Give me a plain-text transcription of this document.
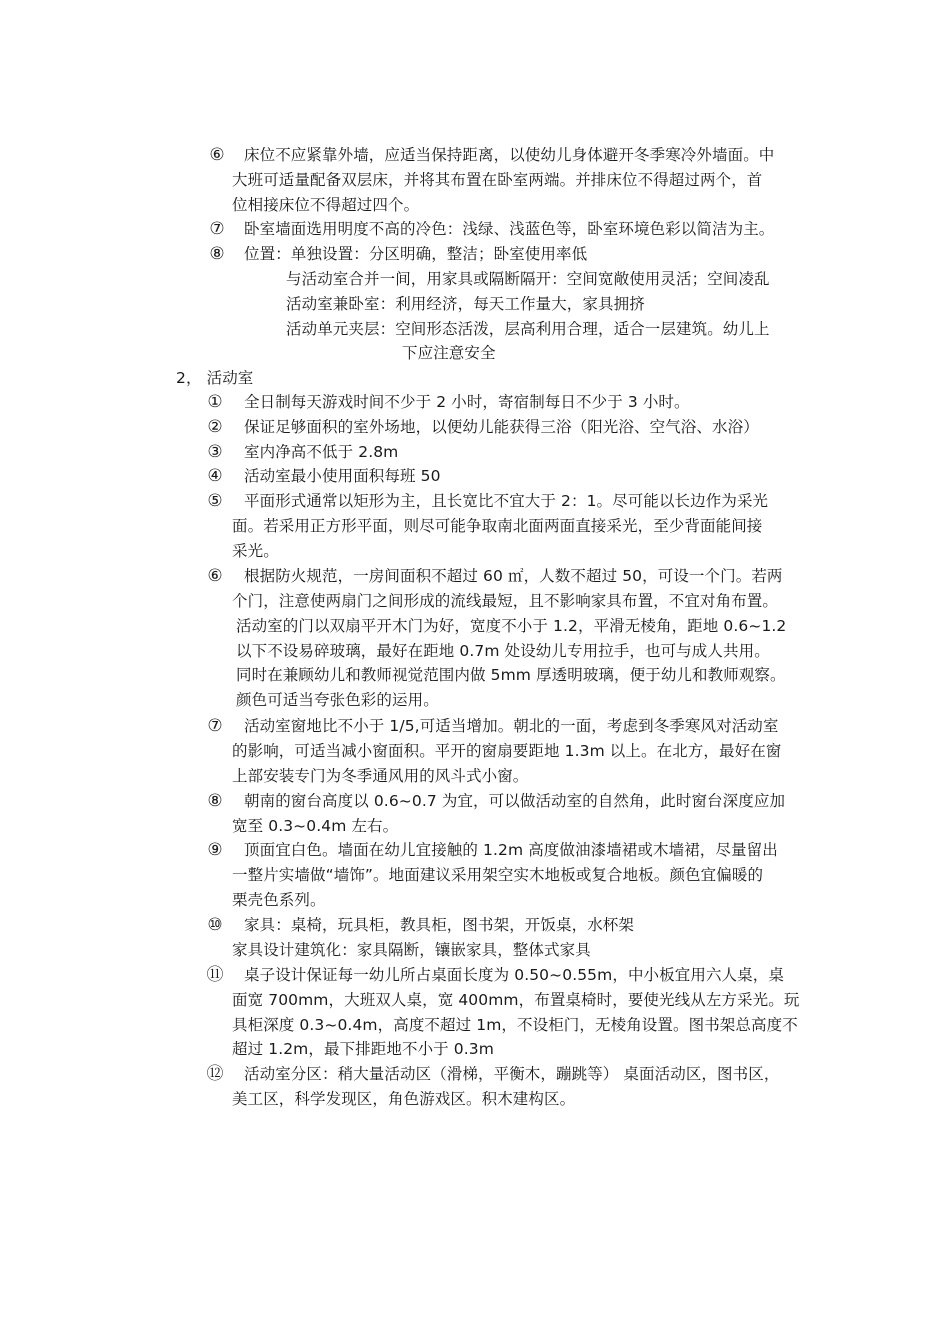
⑥ 床位不应紧靠外墙，应适当保持距离，以使幼儿身体避开冬季寒冷外墙面。中
大班可适量配备双层床，并将其布置在卧室两端。并排床位不得超过两个，首
位相接床位不得超过四个。
⑦ 卧室墙面选用明度不高的冷色：浅绿、浅蓝色等，卧室环境色彩以简洁为主。
⑧ 位置：单独设置：分区明确，整洁；卧室使用率低
与活动室合并一间，用家具或隔断隔开：空间宽敞使用灵活；空间凌乱
活动室兼卧室：利用经济，每天工作量大，家具拥挤
活动单元夹层：空间形态活泼，层高利用合理，适合一层建筑。幼儿上
下应注意安全
2， 活动室
① 全日制每天游戏时间不少于 2 小时，寄宿制每日不少于 3 小时。
② 保证足够面积的室外场地，以便幼儿能获得三浴（阳光浴、空气浴、水浴）
③ 室内净高不低于 2.8m
④ 活动室最小使用面积每班 50
⑤ 平面形式通常以矩形为主，且长宽比不宜大于 2：1。尽可能以长边作为采光
面。若采用正方形平面，则尽可能争取南北面两面直接采光，至少背面能间接
采光。
⑥ 根据防火规范，一房间面积不超过 60 ㎡，人数不超过 50，可设一个门。若两
个门，注意使两扇门之间形成的流线最短，且不影响家具布置，不宜对角布置。
活动室的门以双扇平开木门为好，宽度不小于 1.2，平滑无棱角，距地 0.6~1.2
以下不设易碎玻璃，最好在距地 0.7m 处设幼儿专用拉手，也可与成人共用。
同时在兼顾幼儿和教师视觉范围内做 5mm 厚透明玻璃，便于幼儿和教师观察。
颜色可适当夸张色彩的运用。
⑦ 活动室窗地比不小于 1/5,可适当增加。朝北的一面，考虑到冬季寒风对活动室
的影响，可适当减小窗面积。平开的窗扇要距地 1.3m 以上。在北方，最好在窗
上部安装专门为冬季通风用的风斗式小窗。
⑧ 朝南的窗台高度以 0.6~0.7 为宜，可以做活动室的自然角，此时窗台深度应加
宽至 0.3~0.4m 左右。
⑨ 顶面宜白色。墙面在幼儿宜接触的 1.2m 高度做油漆墙裙或木墙裙，尽量留出
一整片实墙做“墙饰”。地面建议采用架空实木地板或复合地板。颜色宜偏暖的
栗壳色系列。
⑩ 家具：桌椅，玩具柜，教具柜，图书架，开饭桌，水杯架
家具设计建筑化：家具隔断，镶嵌家具，整体式家具
⑪ 桌子设计保证每一幼儿所占桌面长度为 0.50~0.55m，中小板宜用六人桌，桌
面宽 700mm，大班双人桌，宽 400mm，布置桌椅时，要使光线从左方采光。玩
具柜深度 0.3~0.4m，高度不超过 1m，不设柜门，无棱角设置。图书架总高度不
超过 1.2m，最下排距地不小于 0.3m
⑫ 活动室分区：稍大量活动区（滑梯，平衡木，蹦跳等） 桌面活动区，图书区，
美工区，科学发现区，角色游戏区。积木建构区。
